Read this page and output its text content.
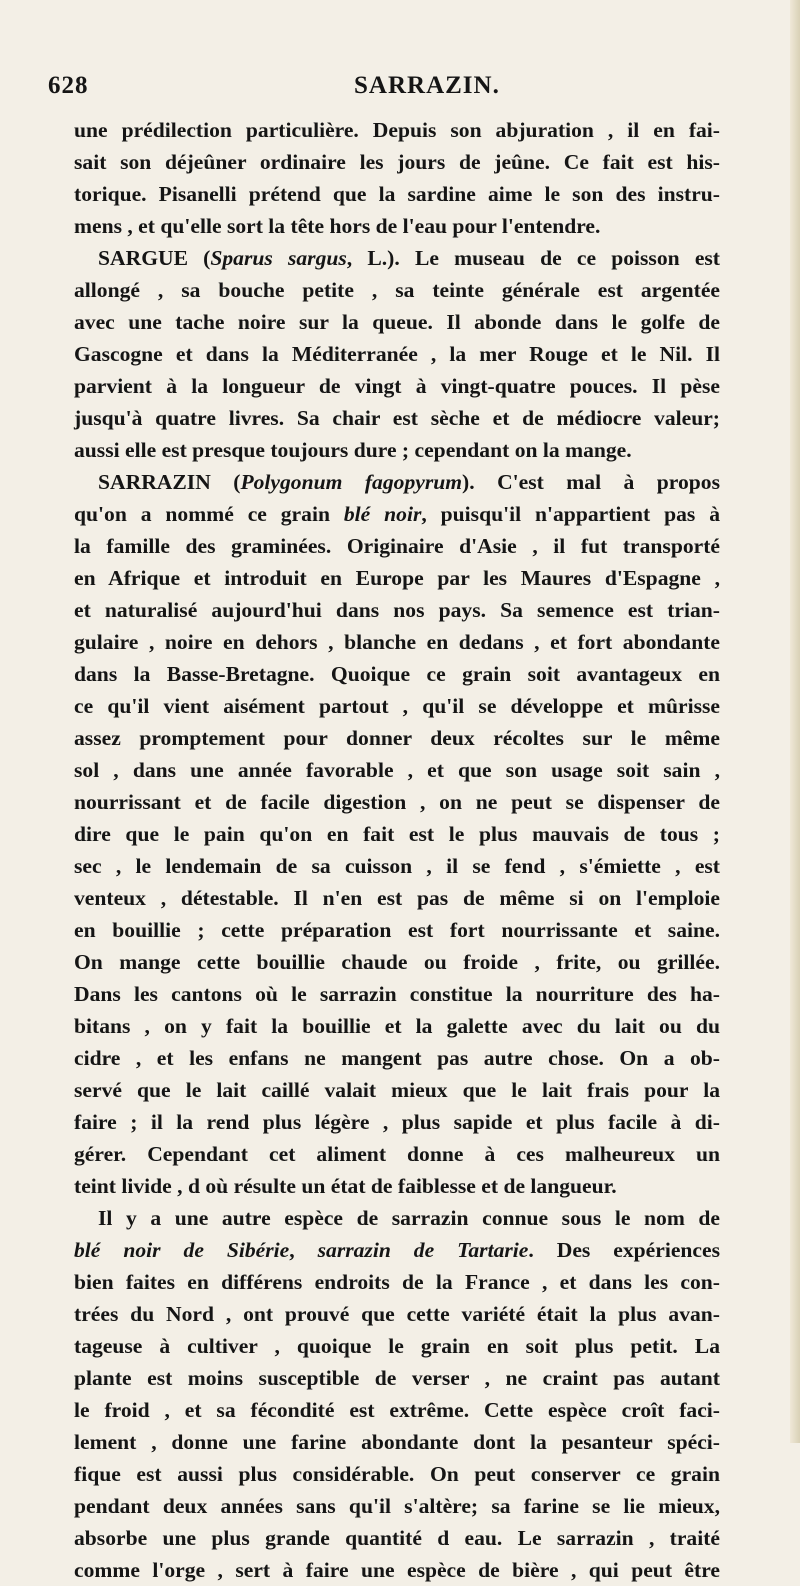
628	SARRAZIN.
une prédilection particulière. Depuis son abjuration , il en fai-
sait son déjeûner ordinaire les jours de jeûne. Ce fait est his-
torique. Pisanelli prétend que la sardine aime le son des instru-
mens , et qu'elle sort la tête hors de l'eau pour l'entendre.
SARGUE (Sparus sargus, L.). Le museau de ce poisson est
allongé , sa bouche petite , sa teinte générale est argentée
avec une tache noire sur la queue. Il abonde dans le golfe de
Gascogne et dans la Méditerranée , la mer Rouge et le Nil. Il
parvient à la longueur de vingt à vingt-quatre pouces. Il pèse
jusqu'à quatre livres. Sa chair est sèche et de médiocre valeur;
aussi elle est presque toujours dure ; cependant on la mange.
SARRAZIN (Polygonum fagopyrum). C'est mal à propos
qu'on a nommé ce grain blé noir, puisqu'il n'appartient pas à
la famille des graminées. Originaire d'Asie , il fut transporté
en Afrique et introduit en Europe par les Maures d'Espagne ,
et naturalisé aujourd'hui dans nos pays. Sa semence est trian-
gulaire , noire en dehors , blanche en dedans , et fort abondante
dans la Basse-Bretagne. Quoique ce grain soit avantageux en
ce qu'il vient aisément partout , qu'il se développe et mûrisse
assez promptement pour donner deux récoltes sur le même
sol , dans une année favorable , et que son usage soit sain ,
nourrissant et de facile digestion , on ne peut se dispenser de
dire que le pain qu'on en fait est le plus mauvais de tous ;
sec , le lendemain de sa cuisson , il se fend , s'émiette , est
venteux , détestable. Il n'en est pas de même si on l'emploie
en bouillie ; cette préparation est fort nourrissante et saine.
On mange cette bouillie chaude ou froide , frite, ou grillée.
Dans les cantons où le sarrazin constitue la nourriture des ha-
bitans , on y fait la bouillie et la galette avec du lait ou du
cidre , et les enfans ne mangent pas autre chose. On a ob-
servé que le lait caillé valait mieux que le lait frais pour la
faire ; il la rend plus légère , plus sapide et plus facile à di-
gérer. Cependant cet aliment donne à ces malheureux un
teint livide , d où résulte un état de faiblesse et de langueur.
Il y a une autre espèce de sarrazin connue sous le nom de
blé noir de Sibérie, sarrazin de Tartarie. Des expériences
bien faites en différens endroits de la France , et dans les con-
trées du Nord , ont prouvé que cette variété était la plus avan-
tageuse à cultiver , quoique le grain en soit plus petit. La
plante est moins susceptible de verser , ne craint pas autant
le froid , et sa fécondité est extrême. Cette espèce croît faci-
lement , donne une farine abondante dont la pesanteur spéci-
fique est aussi plus considérable. On peut conserver ce grain
pendant deux années sans qu'il s'altère; sa farine se lie mieux,
absorbe une plus grande quantité d eau. Le sarrazin , traité
comme l'orge , sert à faire une espèce de bière , qui peut être
